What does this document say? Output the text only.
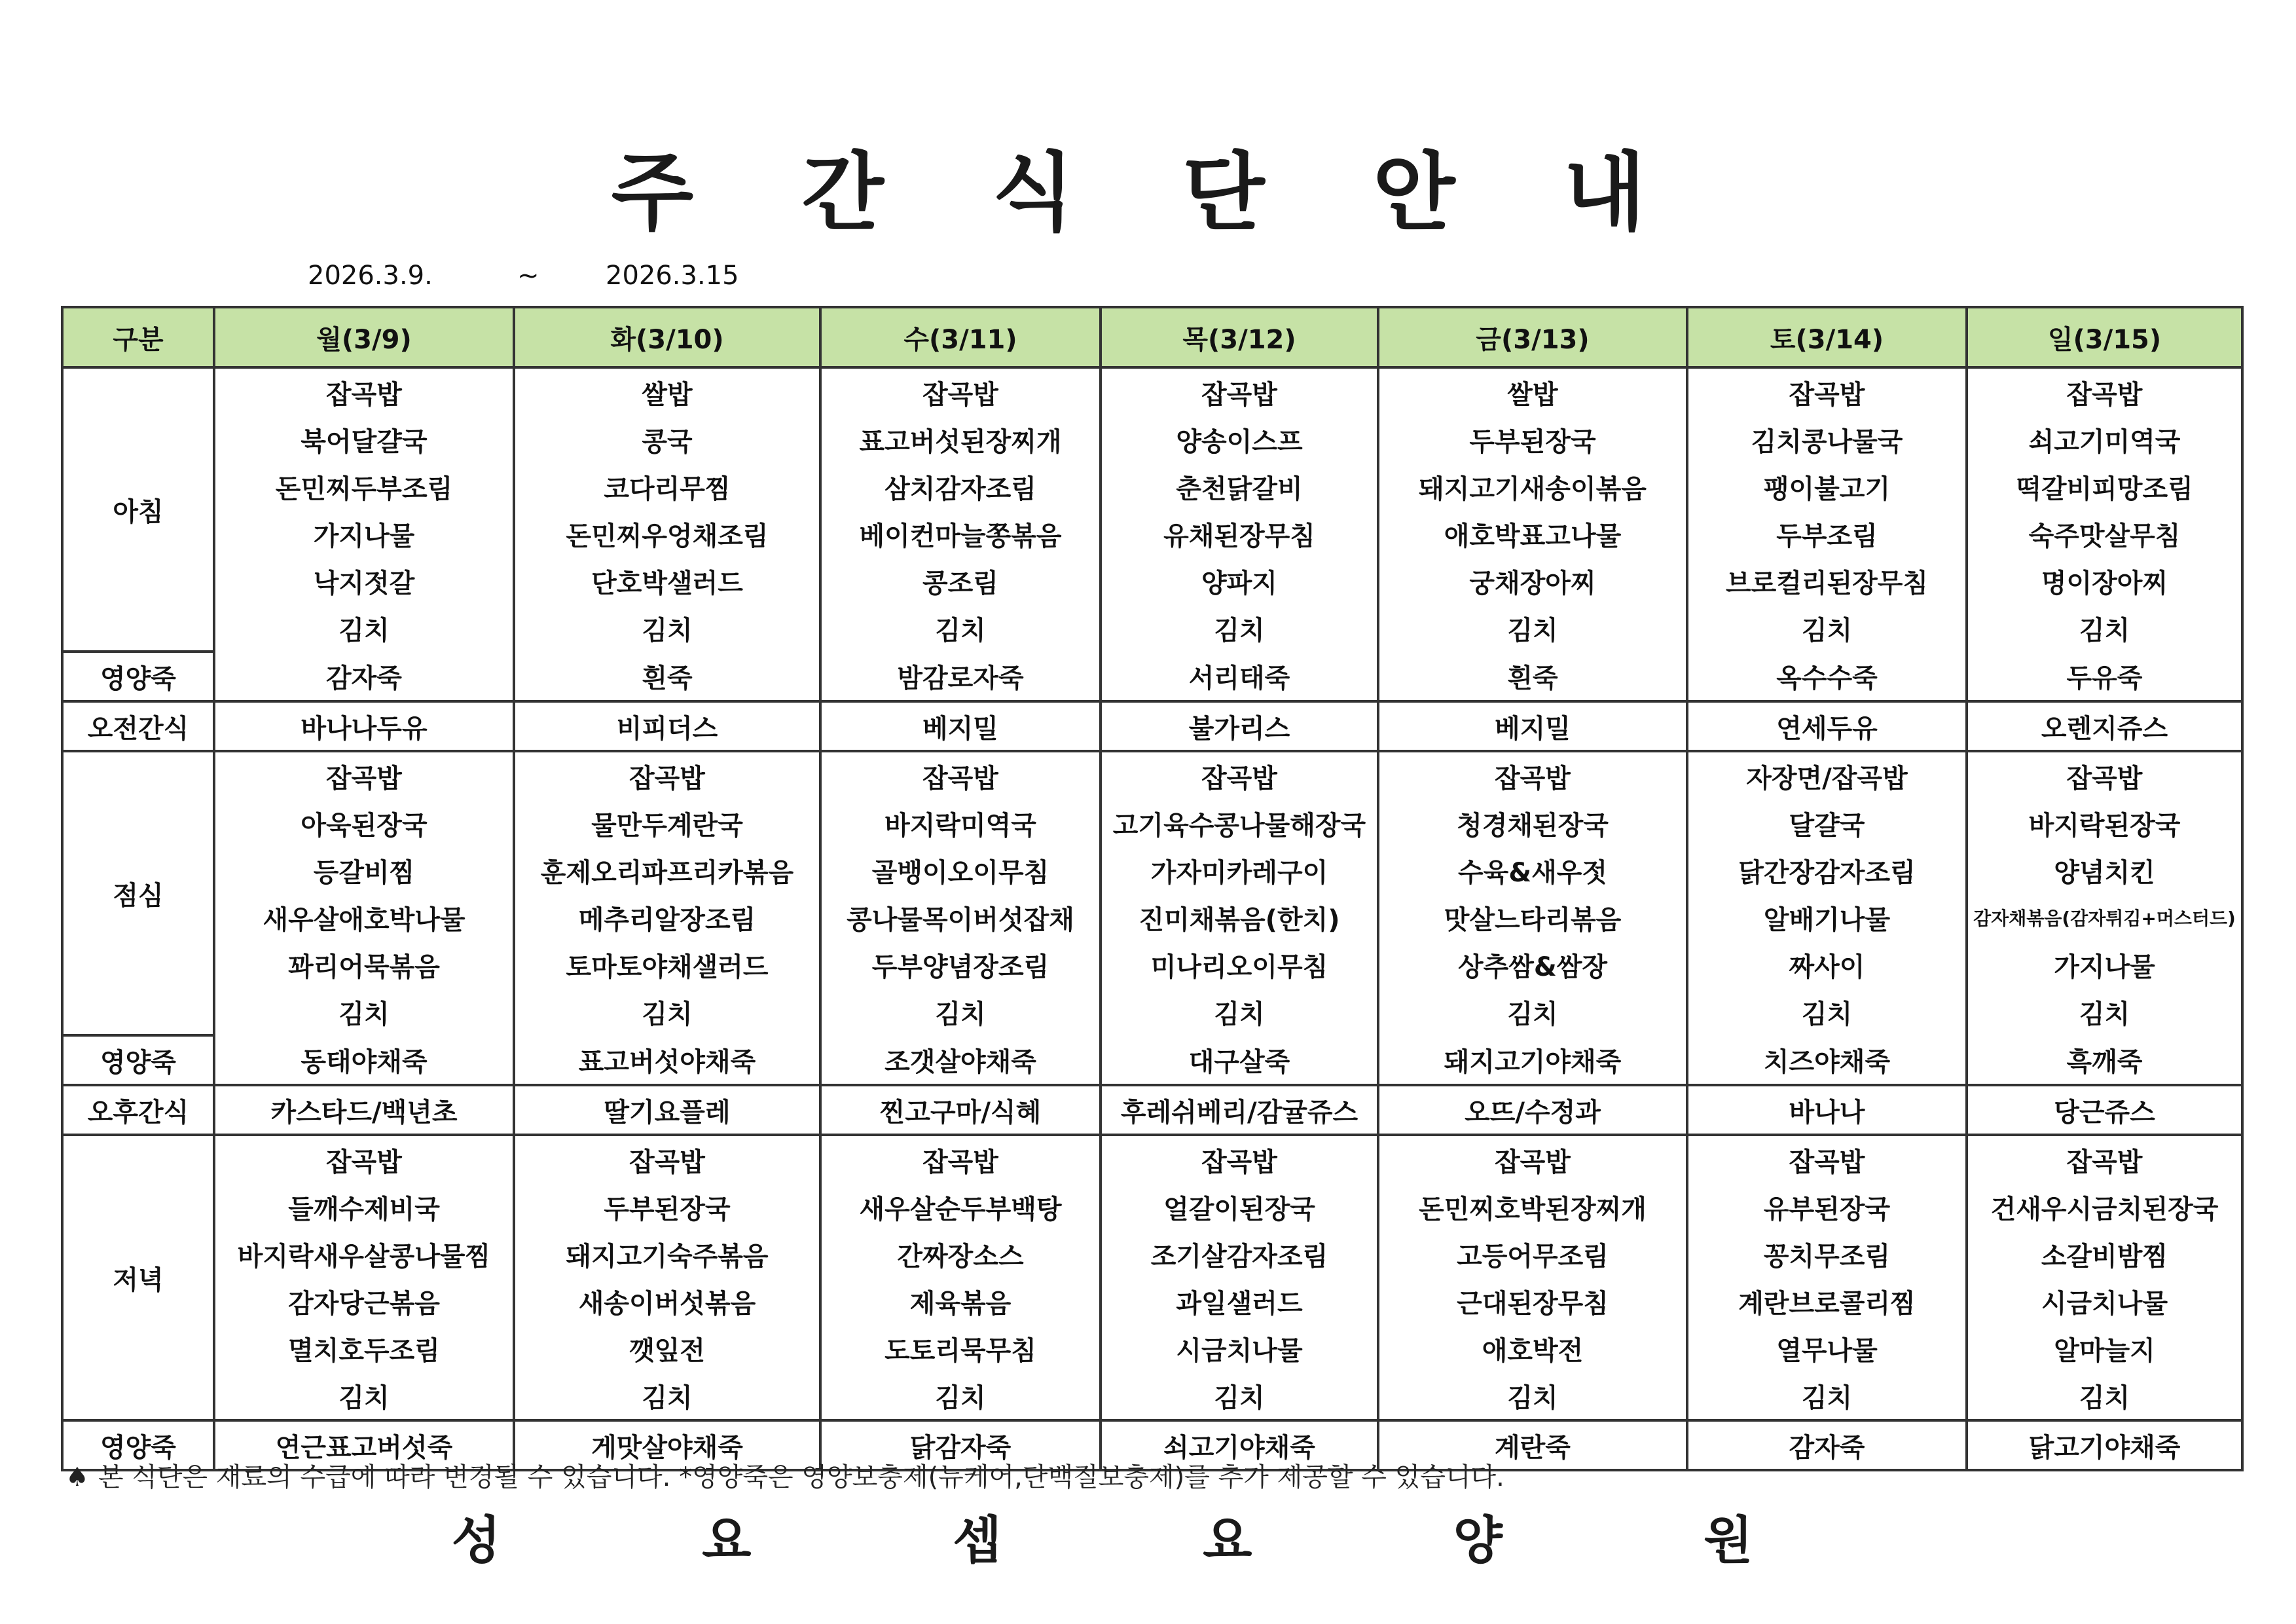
주 간 식 단 안 내
2026.3.9.	~	2026.3.15
구분	월(3/9)	화(3/10)	수(3/11)	목(3/12)	금(3/13)	토(3/14)	일(3/15)
아침	잡곡밥	쌀밥	잡곡밥	잡곡밥	쌀밥	잡곡밥	잡곡밥
	북어달걀국	콩국	표고버섯된장찌개	양송이스프	두부된장국	김치콩나물국	쇠고기미역국
	돈민찌두부조림	코다리무찜	삼치감자조림	춘천닭갈비	돼지고기새송이볶음	팽이불고기	떡갈비피망조림
	가지나물	돈민찌우엉채조림	베이컨마늘쫑볶음	유채된장무침	애호박표고나물	두부조림	숙주맛살무침
	낙지젓갈	단호박샐러드	콩조림	양파지	궁채장아찌	브로컬리된장무침	명이장아찌
	김치	김치	김치	김치	김치	김치	김치
영양죽	감자죽	흰죽	밤감로자죽	서리태죽	흰죽	옥수수죽	두유죽
오전간식	바나나두유	비피더스	베지밀	불가리스	베지밀	연세두유	오렌지쥬스
점심	잡곡밥	잡곡밥	잡곡밥	잡곡밥	잡곡밥	자장면/잡곡밥	잡곡밥
	아욱된장국	물만두계란국	바지락미역국	고기육수콩나물해장국	청경채된장국	달걀국	바지락된장국
	등갈비찜	훈제오리파프리카볶음	골뱅이오이무침	가자미카레구이	수육&새우젓	닭간장감자조림	양념치킨
	새우살애호박나물	메추리알장조림	콩나물목이버섯잡채	진미채볶음(한치)	맛살느타리볶음	알배기나물	감자채볶음(감자튀김+머스터드)
	꽈리어묵볶음	토마토야채샐러드	두부양념장조림	미나리오이무침	상추쌈&쌈장	짜사이	가지나물
	김치	김치	김치	김치	김치	김치	김치
영양죽	동태야채죽	표고버섯야채죽	조갯살야채죽	대구살죽	돼지고기야채죽	치즈야채죽	흑깨죽
오후간식	카스타드/백년초	딸기요플레	찐고구마/식혜	후레쉬베리/감귤쥬스	오뜨/수정과	바나나	당근쥬스
저녁	잡곡밥	잡곡밥	잡곡밥	잡곡밥	잡곡밥	잡곡밥	잡곡밥
	들깨수제비국	두부된장국	새우살순두부백탕	얼갈이된장국	돈민찌호박된장찌개	유부된장국	건새우시금치된장국
	바지락새우살콩나물찜	돼지고기숙주볶음	간짜장소스	조기살감자조림	고등어무조림	꽁치무조림	소갈비밤찜
	감자당근볶음	새송이버섯볶음	제육볶음	과일샐러드	근대된장무침	계란브로콜리찜	시금치나물
	멸치호두조림	깻잎전	도토리묵무침	시금치나물	애호박전	열무나물	알마늘지
	김치	김치	김치	김치	김치	김치	김치
영양죽	연근표고버섯죽	게맛살야채죽	닭감자죽	쇠고기야채죽	계란죽	감자죽	닭고기야채죽
♠ 본 식단은 재료의 수급에 따라 변경될 수 있습니다. *영양죽은 영양보충제(뉴케어,단백질보충제)를 추가 제공할 수 있습니다.
성 요 셉 요 양 원
